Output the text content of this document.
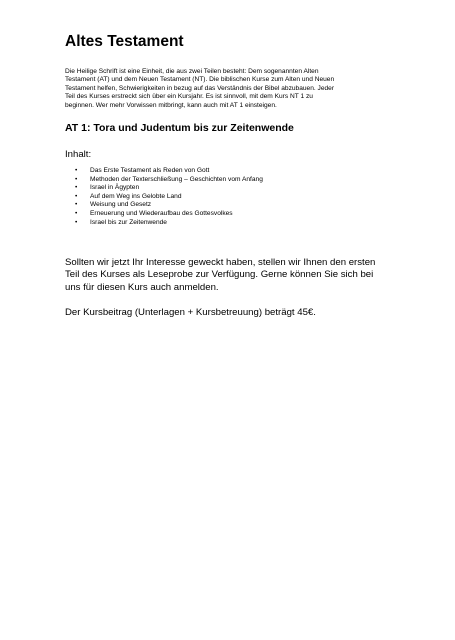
Altes Testament

Die Heilige Schrift ist eine Einheit, die aus zwei Teilen besteht: Dem sogenannten Alten
Testament (AT) und dem Neuen Testament (NT). Die biblischen Kurse zum Alten und Neuen
Testament helfen, Schwierigkeiten in bezug auf das Verständnis der Bibel abzubauen. Jeder
Teil des Kurses erstreckt sich über ein Kursjahr. Es ist sinnvoll, mit dem Kurs NT 1 zu
beginnen. Wer mehr Vorwissen mitbringt, kann auch mit AT 1 einsteigen.

AT 1: Tora und Judentum bis zur Zeitenwende

Inhalt:

• Das Erste Testament als Reden von Gott
• Methoden der Texterschließung – Geschichten vom Anfang
• Israel in Ägypten
• Auf dem Weg ins Gelobte Land
• Weisung und Gesetz
• Erneuerung und Wiederaufbau des Gottesvolkes
• Israel bis zur Zeitenwende

Sollten wir jetzt Ihr Interesse geweckt haben, stellen wir Ihnen den ersten
Teil des Kurses als Leseprobe zur Verfügung. Gerne können Sie sich bei
uns für diesen Kurs auch anmelden.

Der Kursbeitrag (Unterlagen + Kursbetreuung) beträgt 45€.
